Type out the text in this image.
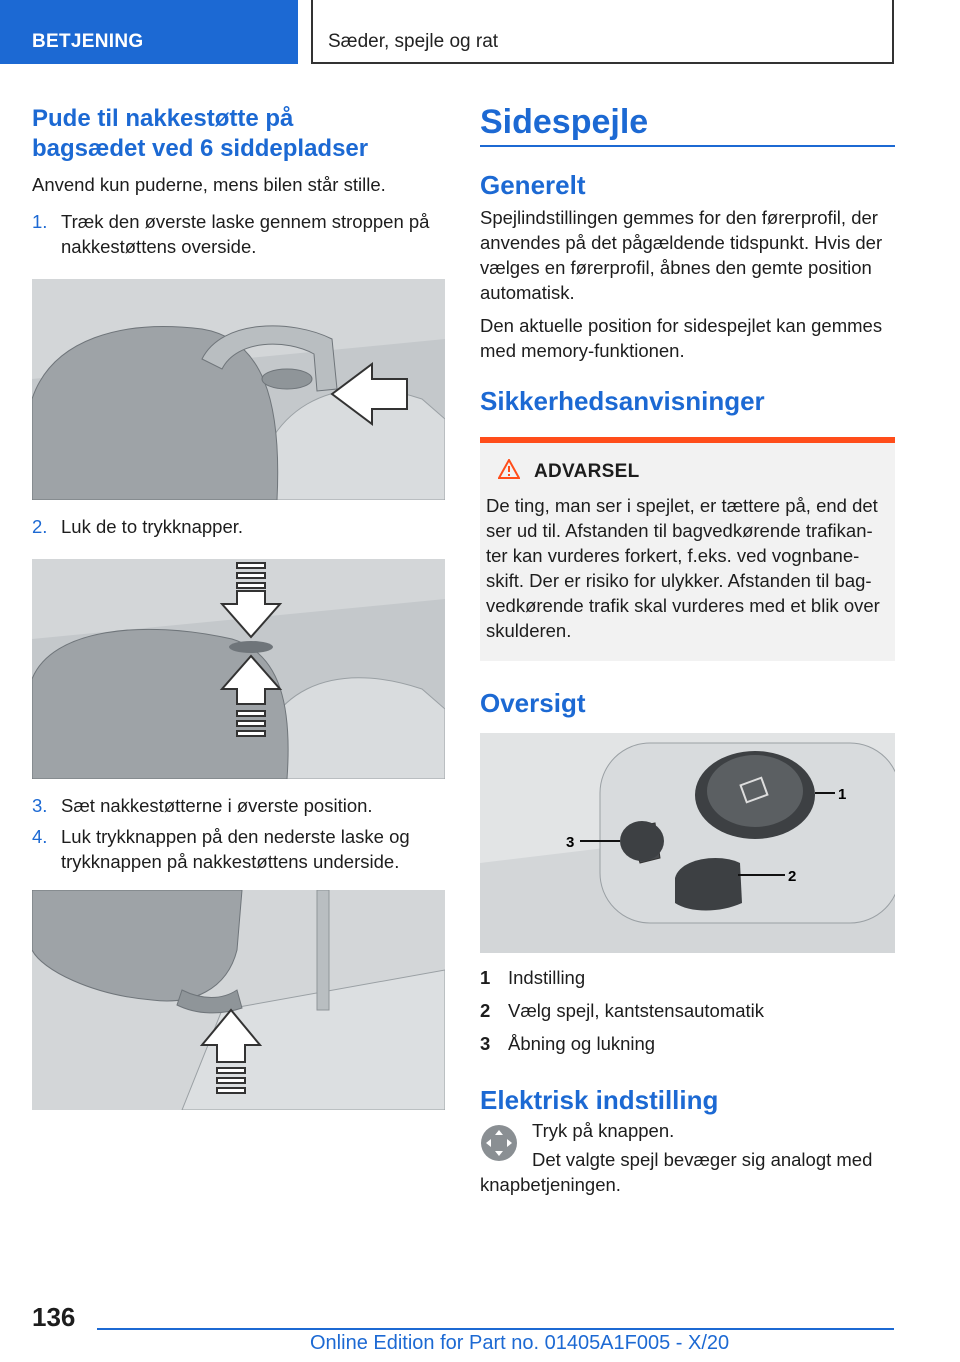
BETJENING	Sæder, spejle og rat
Pude til nakkestøtte på
bagsædet ved 6 siddepladser

Anvend kun puderne, mens bilen står stille.

1. Træk den øverste laske gennem stroppen på nakkestøttens overside.
2. Luk de to trykknapper.
3. Sæt nakkestøtterne i øverste position.
4. Luk trykknappen på den nederste laske og trykknappen på nakkestøttens underside.
Sidespejle
Generelt

Spejlindstillingen gemmes for den førerprofil, der anvendes på det pågældende tidspunkt. Hvis der vælges en førerprofil, åbnes den gemte position automatisk.

Den aktuelle position for sidespejlet kan gemmes med memory-funktionen.

Sikkerhedsanvisninger
ADVARSEL

De ting, man ser i spejlet, er tættere på, end det ser ud til. Afstanden til bagvedkørende trafikan-ter kan vurderes forkert, f.eks. ved vognbane-skift. Der er risiko for ulykker. Afstanden til bag-vedkørende trafik skal vurderes med et blik over skulderen.

Oversigt
1
2
3
1 Indstilling
2 Vælg spejl, kantstensautomatik
3 Åbning og lukning
Elektrisk indstilling

Tryk på knappen.

Det valgte spejl bevæger sig analogt med knapbetjeningen.

136
Online Edition for Part no. 01405A1F005 - X/20
